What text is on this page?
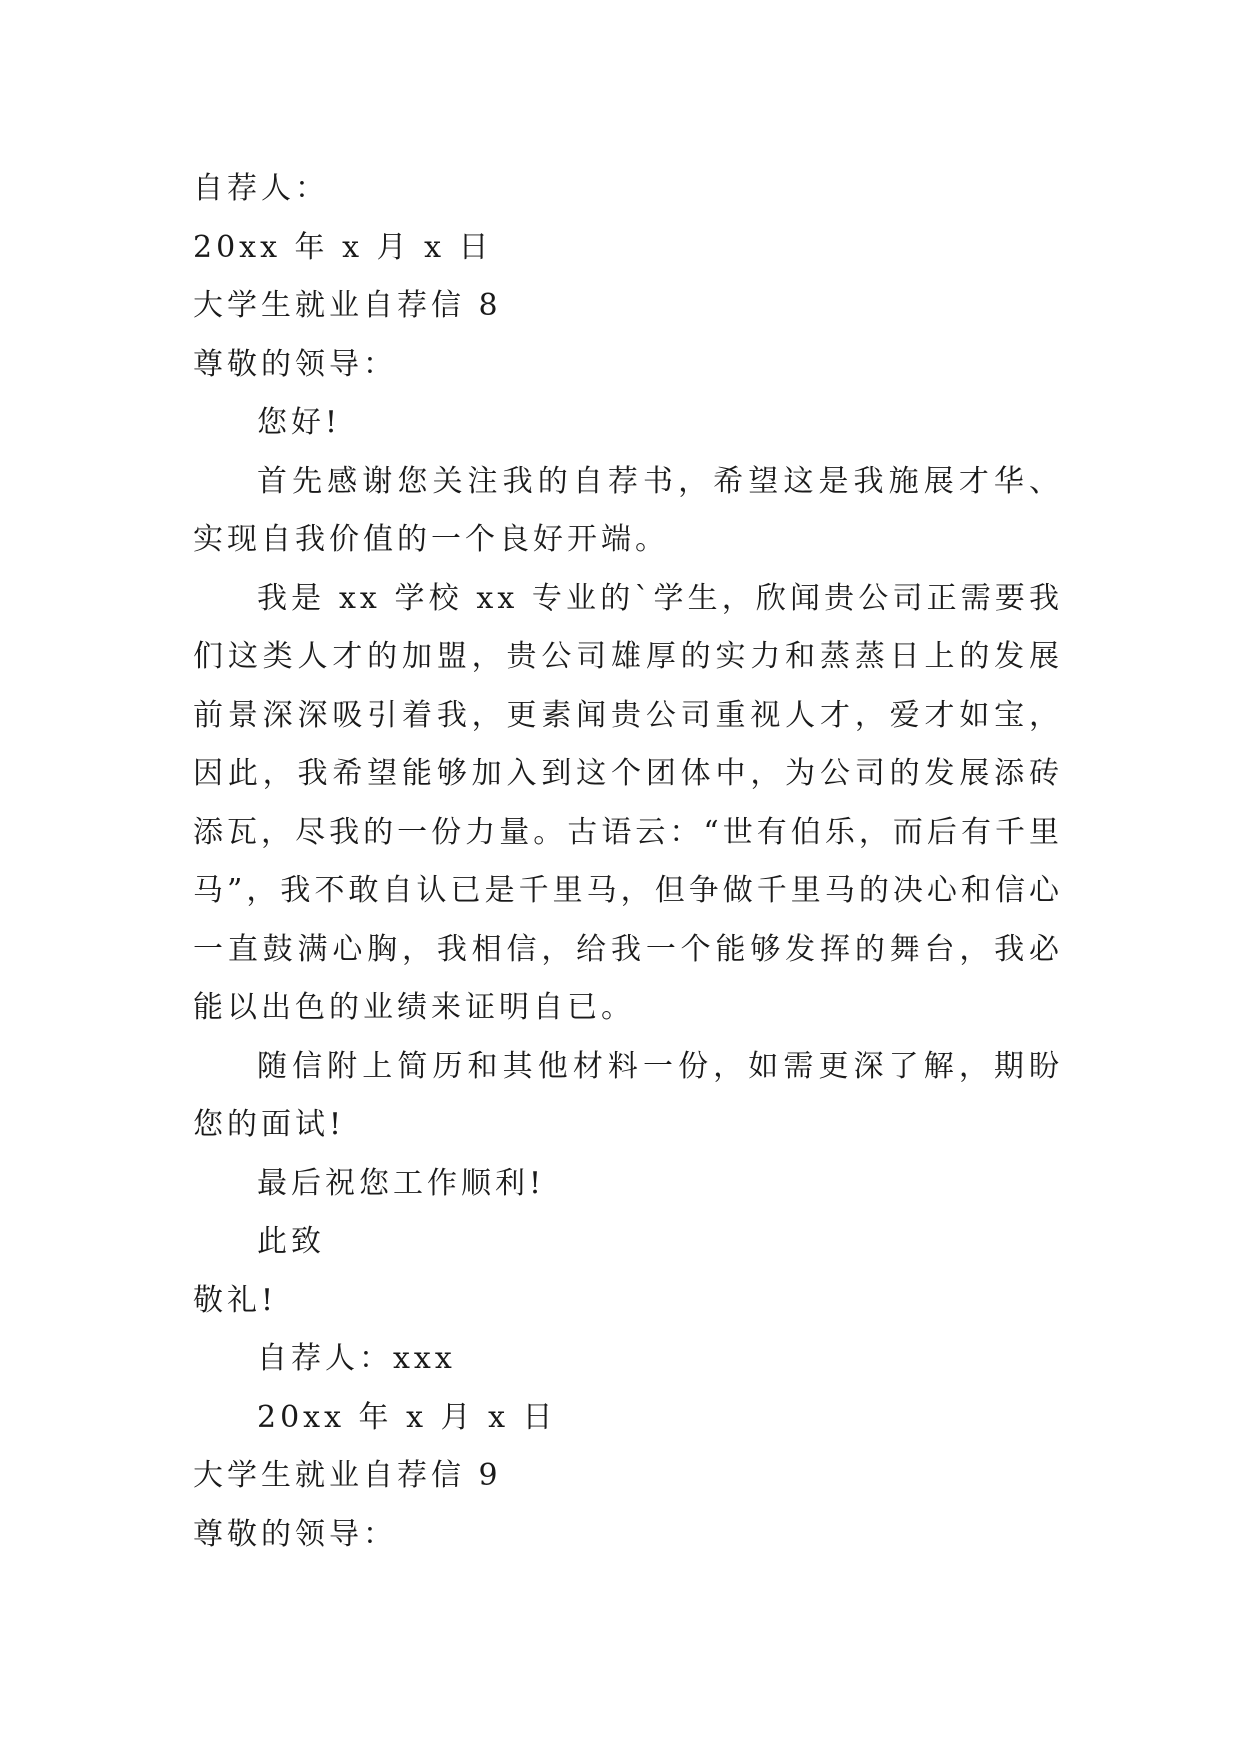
自荐人：

20xx 年 x 月 x 日

大学生就业自荐信 8

尊敬的领导：

您好!

首先感谢您关注我的自荐书，希望这是我施展才华、实现自我价值的一个良好开端。

我是 xx 学校 xx 专业的`学生，欣闻贵公司正需要我们这类人才的加盟，贵公司雄厚的实力和蒸蒸日上的发展前景深深吸引着我，更素闻贵公司重视人才，爱才如宝，因此，我希望能够加入到这个团体中，为公司的发展添砖添瓦，尽我的一份力量。古语云：“世有伯乐，而后有千里马”，我不敢自认已是千里马，但争做千里马的决心和信心一直鼓满心胸，我相信，给我一个能够发挥的舞台，我必能以出色的业绩来证明自已。

随信附上简历和其他材料一份，如需更深了解，期盼您的面试!

最后祝您工作顺利!

此致

敬礼!

自荐人：xxx

20xx 年 x 月 x 日

大学生就业自荐信 9

尊敬的领导：
